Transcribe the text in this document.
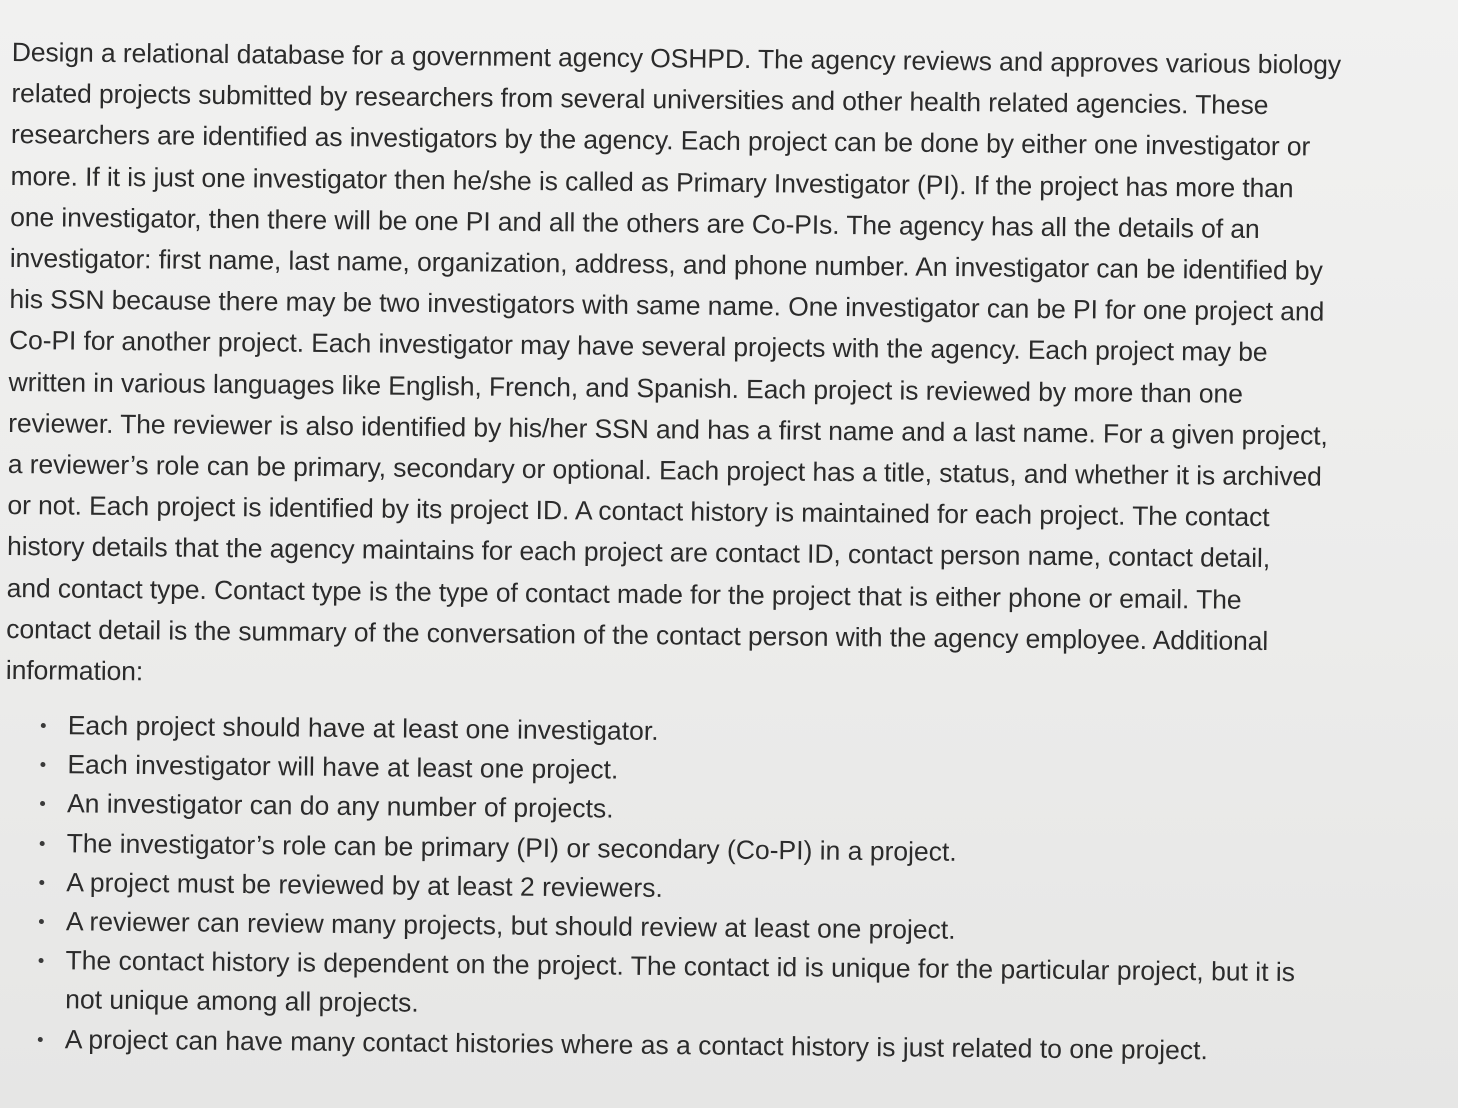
Design a relational database for a government agency OSHPD. The agency reviews and approves various biology
related projects submitted by researchers from several universities and other health related agencies. These
researchers are identified as investigators by the agency. Each project can be done by either one investigator or
more. If it is just one investigator then he/she is called as Primary Investigator (PI). If the project has more than
one investigator, then there will be one PI and all the others are Co-PIs. The agency has all the details of an
investigator: first name, last name, organization, address, and phone number. An investigator can be identified by
his SSN because there may be two investigators with same name. One investigator can be PI for one project and
Co-PI for another project. Each investigator may have several projects with the agency. Each project may be
written in various languages like English, French, and Spanish. Each project is reviewed by more than one
reviewer. The reviewer is also identified by his/her SSN and has a first name and a last name. For a given project,
a reviewer’s role can be primary, secondary or optional. Each project has a title, status, and whether it is archived
or not. Each project is identified by its project ID. A contact history is maintained for each project. The contact
history details that the agency maintains for each project are contact ID, contact person name, contact detail,
and contact type. Contact type is the type of contact made for the project that is either phone or email. The
contact detail is the summary of the conversation of the contact person with the agency employee. Additional
information:

Each project should have at least one investigator.
Each investigator will have at least one project.
An investigator can do any number of projects.
The investigator’s role can be primary (PI) or secondary (Co-PI) in a project.
A project must be reviewed by at least 2 reviewers.
A reviewer can review many projects, but should review at least one project.
The contact history is dependent on the project. The contact id is unique for the particular project, but it is
not unique among all projects.
A project can have many contact histories where as a contact history is just related to one project.
